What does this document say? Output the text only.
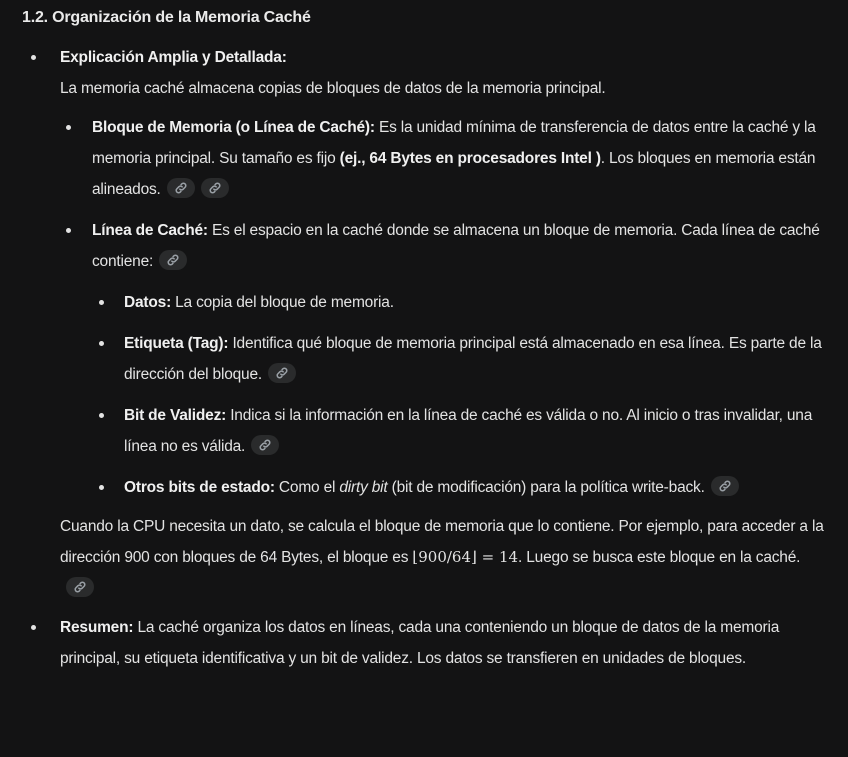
1.2. Organización de la Memoria Caché
Explicación Amplia y Detallada:
La memoria caché almacena copias de bloques de datos de la memoria principal.
Bloque de Memoria (o Línea de Caché): Es la unidad mínima de transferencia de datos entre la caché y la memoria principal. Su tamaño es fijo (ej., 64 Bytes en procesadores Intel ). Los bloques en memoria están alineados.
Línea de Caché: Es el espacio en la caché donde se almacena un bloque de memoria. Cada línea de caché contiene:
Datos: La copia del bloque de memoria.
Etiqueta (Tag): Identifica qué bloque de memoria principal está almacenado en esa línea. Es parte de la dirección del bloque.
Bit de Validez: Indica si la información en la línea de caché es válida o no. Al inicio o tras invalidar, una línea no es válida.
Otros bits de estado: Como el dirty bit (bit de modificación) para la política write-back.
Cuando la CPU necesita un dato, se calcula el bloque de memoria que lo contiene. Por ejemplo, para acceder a la dirección 900 con bloques de 64 Bytes, el bloque es ⌊900/64⌋ = 14. Luego se busca este bloque en la caché.
Resumen: La caché organiza los datos en líneas, cada una conteniendo un bloque de datos de la memoria principal, su etiqueta identificativa y un bit de validez. Los datos se transfieren en unidades de bloques.
